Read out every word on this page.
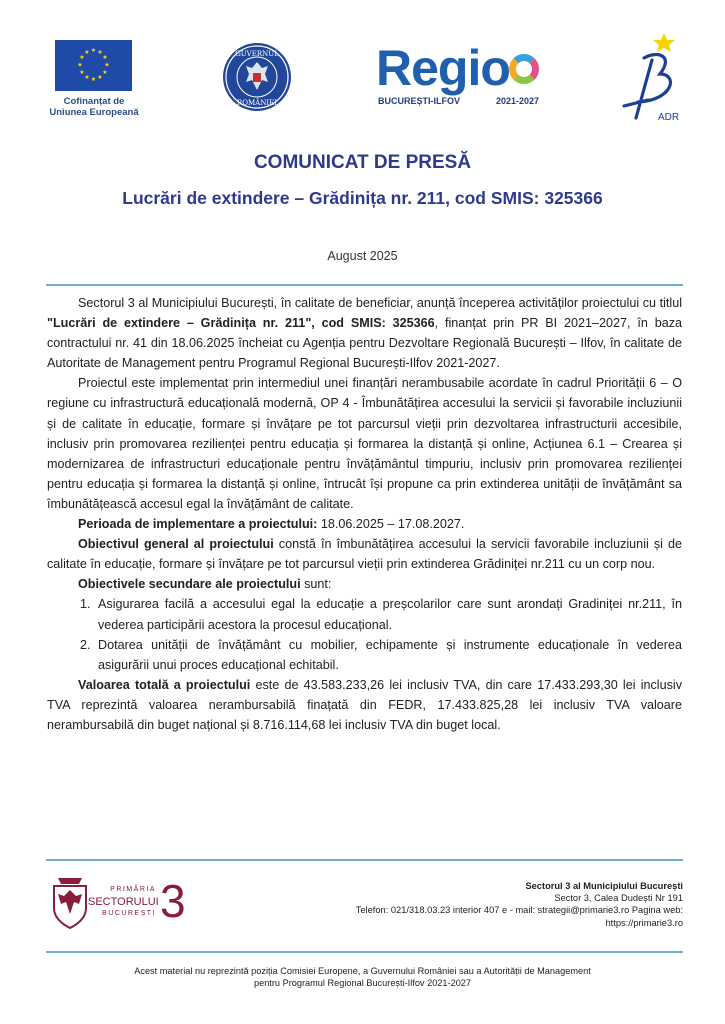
★ ★
★
★
★
★
★
★
★
★
★
★
Cofinanțat de
Uniunea Europeană
GUVERNUL
ROMÂNIEI
Regio
BUCUREȘTI-ILFOV	2021-2027
ADR
COMUNICAT DE PRESĂ
Lucrări de extindere – Grădinița nr. 211, cod SMIS: 325366
August 2025

Sectorul 3 al Municipiului București, în calitate de beneficiar, anunță începerea activităților proiectului cu titlul "Lucrări de extindere – Grădinița nr. 211", cod SMIS: 325366, finanțat prin PR BI 2021–2027, în baza contractului nr. 41 din 18.06.2025 încheiat cu Agenția pentru Dezvoltare Regională București – Ilfov, în calitate de Autoritate de Management pentru Programul Regional București-Ilfov 2021-2027.

Proiectul este implementat prin intermediul unei finanțări nerambusabile acordate în cadrul Priorității 6 – O regiune cu infrastructură educațională modernă, OP 4 - Îmbunătățirea accesului la servicii și favorabile incluziunii și de calitate în educație, formare și învățare pe tot parcursul vieții prin dezvoltarea infrastructurii accesibile, inclusiv prin promovarea rezilienței pentru educația și formarea la distanță și online, Acțiunea 6.1 – Crearea și modernizarea de infrastructuri educaționale pentru învățământul timpuriu, inclusiv prin promovarea rezilienței pentru educația și formarea la distanță și online, întrucât își propune ca prin extinderea unității de învățământ sa îmbunătățească accesul egal la învățământ de calitate.

Perioada de implementare a proiectului: 18.06.2025 – 17.08.2027.

Obiectivul general al proiectului constă în îmbunătățirea accesului la servicii favorabile incluziunii și de calitate în educație, formare și învățare pe tot parcursul vieții prin extinderea Grădiniței nr.211 cu un corp nou.

Obiectivele secundare ale proiectului sunt:

1. Asigurarea facilă a accesului egal la educație a preșcolarilor care sunt arondați Gradiniței nr.211, în vederea participării acestora la procesul educațional.
2. Dotarea unității de învățământ cu mobilier, echipamente și instrumente educaționale în vederea asigurării unui proces educațional echitabil.

Valoarea totală a proiectului este de 43.583.233,26 lei inclusiv TVA, din care 17.433.293,30 lei inclusiv TVA reprezintă valoarea nerambursabilă finațată din FEDR, 17.433.825,28 lei inclusiv TVA valoare nerambursabilă din buget național și 8.716.114,68 lei inclusiv TVA din buget local.

PRIMĂRIA
SECTORULUI
BUCUREȘTI 3	Sectorul 3 al Municipiului București
Sector 3, Calea Dudești Nr 191
Telefon: 021/318.03.23 interior 407 e - mail: strategii@primarie3.ro Pagina web:
https://primarie3.ro
Acest material nu reprezintă poziția Comisiei Europene, a Guvernului României sau a Autorității de Management
pentru Programul Regional București-Ilfov 2021-2027
